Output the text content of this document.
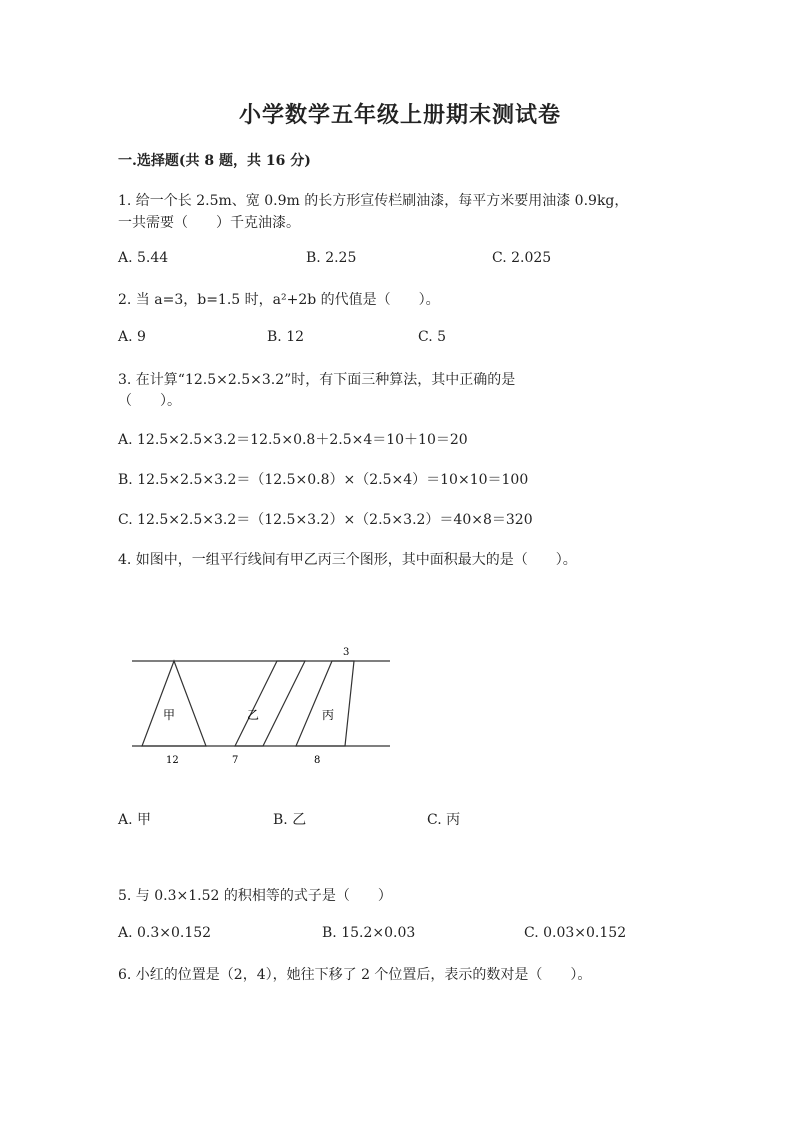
小学数学五年级上册期末测试卷
一.选择题(共 8 题，共 16 分)
1. 给一个长 2.5m、宽 0.9m 的长方形宣传栏刷油漆，每平方米要用油漆 0.9kg，
一共需要（　　）千克油漆。
A. 5.44	B. 2.25	C. 2.025
2. 当 a=3，b=1.5 时，a²+2b 的代值是（　　）。
A. 9	B. 12	C. 5
3. 在计算“12.5×2.5×3.2”时，有下面三种算法，其中正确的是
（　　）。
A. 12.5×2.5×3.2＝12.5×0.8＋2.5×4＝10＋10＝20
B. 12.5×2.5×3.2＝（12.5×0.8）×（2.5×4）＝10×10＝100
C. 12.5×2.5×3.2＝（12.5×3.2）×（2.5×3.2）＝40×8＝320
4. 如图中，一组平行线间有甲乙丙三个图形，其中面积最大的是（　　）。
甲	乙	丙
12	7	8
3
A. 甲	B. 乙	C. 丙
5. 与 0.3×1.52 的积相等的式子是（　　）
A. 0.3×0.152	B. 15.2×0.03	C. 0.03×0.152
6. 小红的位置是（2，4），她往下移了 2 个位置后，表示的数对是（　　）。
